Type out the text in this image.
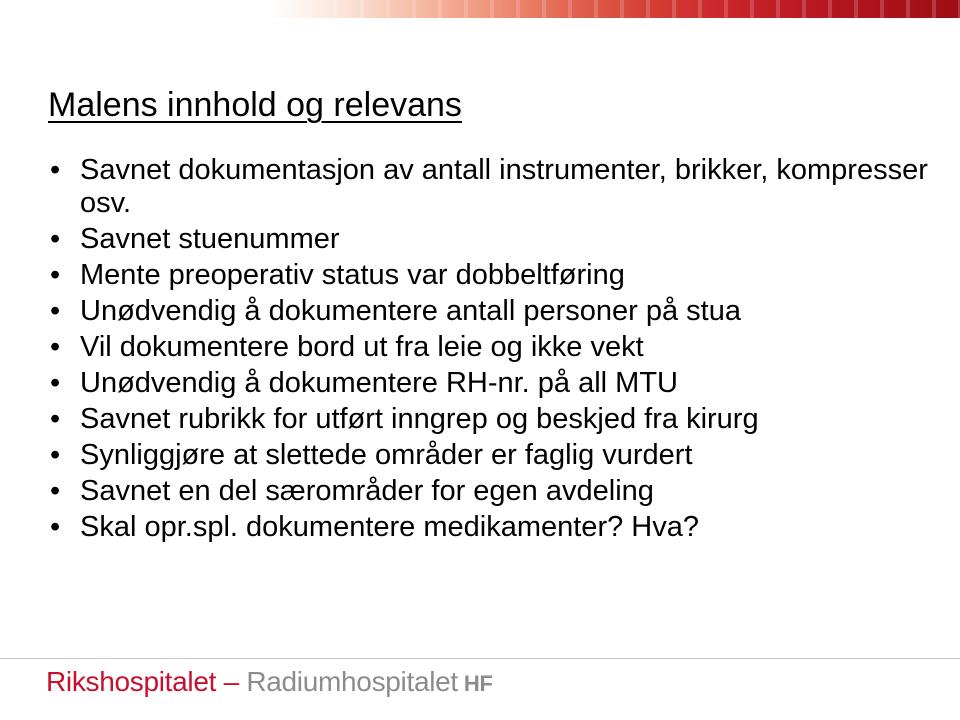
Malens innhold og relevans
• Savnet dokumentasjon av antall instrumenter, brikker, kompresser osv.
• Savnet stuenummer
• Mente preoperativ status var dobbeltføring
• Unødvendig å dokumentere antall personer på stua
• Vil dokumentere bord ut fra leie og ikke vekt
• Unødvendig å dokumentere RH-nr. på all MTU
• Savnet rubrikk for utført inngrep og beskjed fra kirurg
• Synliggjøre at slettede områder er faglig vurdert
• Savnet en del særområder for egen avdeling
• Skal opr.spl. dokumentere medikamenter? Hva?
Rikshospitalet – Radiumhospitalet HF
